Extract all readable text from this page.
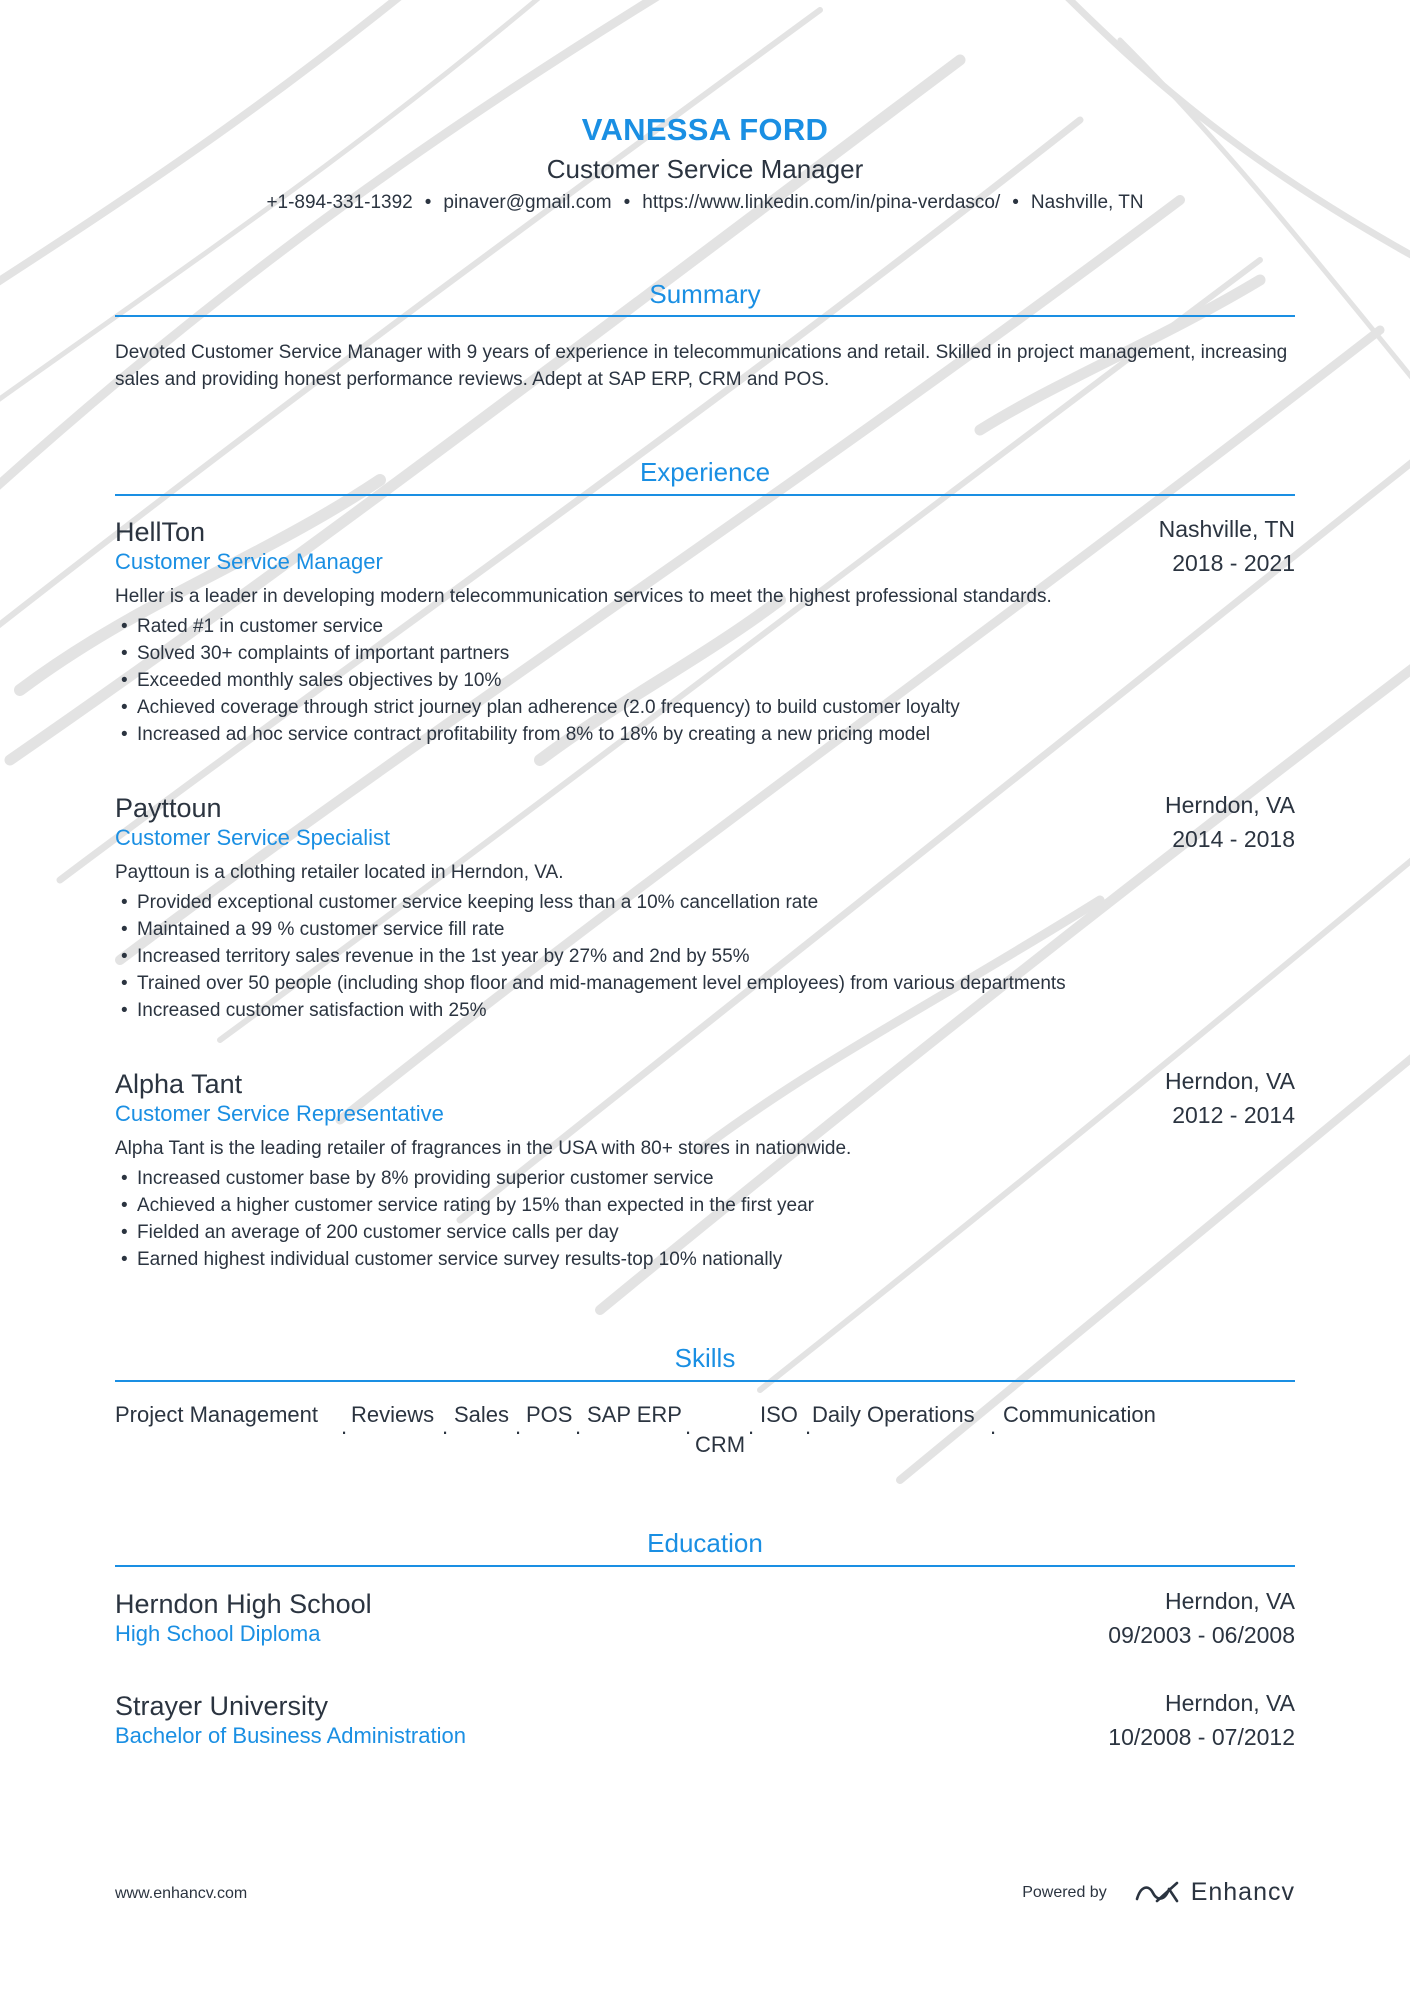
VANESSA FORD
Customer Service Manager
+1-894-331-1392 • pinaver@gmail.com • https://www.linkedin.com/in/pina-verdasco/ • Nashville, TN
Summary
Devoted Customer Service Manager with 9 years of experience in telecommunications and retail. Skilled in project management, increasing sales and providing honest performance reviews. Adept at SAP ERP, CRM and POS.
Experience
HellTon	Nashville, TN
Customer Service Manager	2018 - 2021
Heller is a leader in developing modern telecommunication services to meet the highest professional standards.
• Rated #1 in customer service
• Solved 30+ complaints of important partners
• Exceeded monthly sales objectives by 10%
• Achieved coverage through strict journey plan adherence (2.0 frequency) to build customer loyalty
• Increased ad hoc service contract profitability from 8% to 18% by creating a new pricing model
Payttoun	Herndon, VA
Customer Service Specialist	2014 - 2018
Payttoun is a clothing retailer located in Herndon, VA.
• Provided exceptional customer service keeping less than a 10% cancellation rate
• Maintained a 99 % customer service fill rate
• Increased territory sales revenue in the 1st year by 27% and 2nd by 55%
• Trained over 50 people (including shop floor and mid-management level employees) from various departments
• Increased customer satisfaction with 25%
Alpha Tant	Herndon, VA
Customer Service Representative	2012 - 2014
Alpha Tant is the leading retailer of fragrances in the USA with 80+ stores in nationwide.
• Increased customer base by 8% providing superior customer service
• Achieved a higher customer service rating by 15% than expected in the first year
• Fielded an average of 200 customer service calls per day
• Earned highest individual customer service survey results-top 10% nationally
Skills
Project Management . Reviews . Sales . POS . SAP ERP .
CRM
. ISO . Daily Operations . Communication
Education
Herndon High School	Herndon, VA
High School Diploma	09/2003 - 06/2008
Strayer University	Herndon, VA
Bachelor of Business Administration	10/2008 - 07/2012
www.enhancv.com	Powered by	Enhancv
